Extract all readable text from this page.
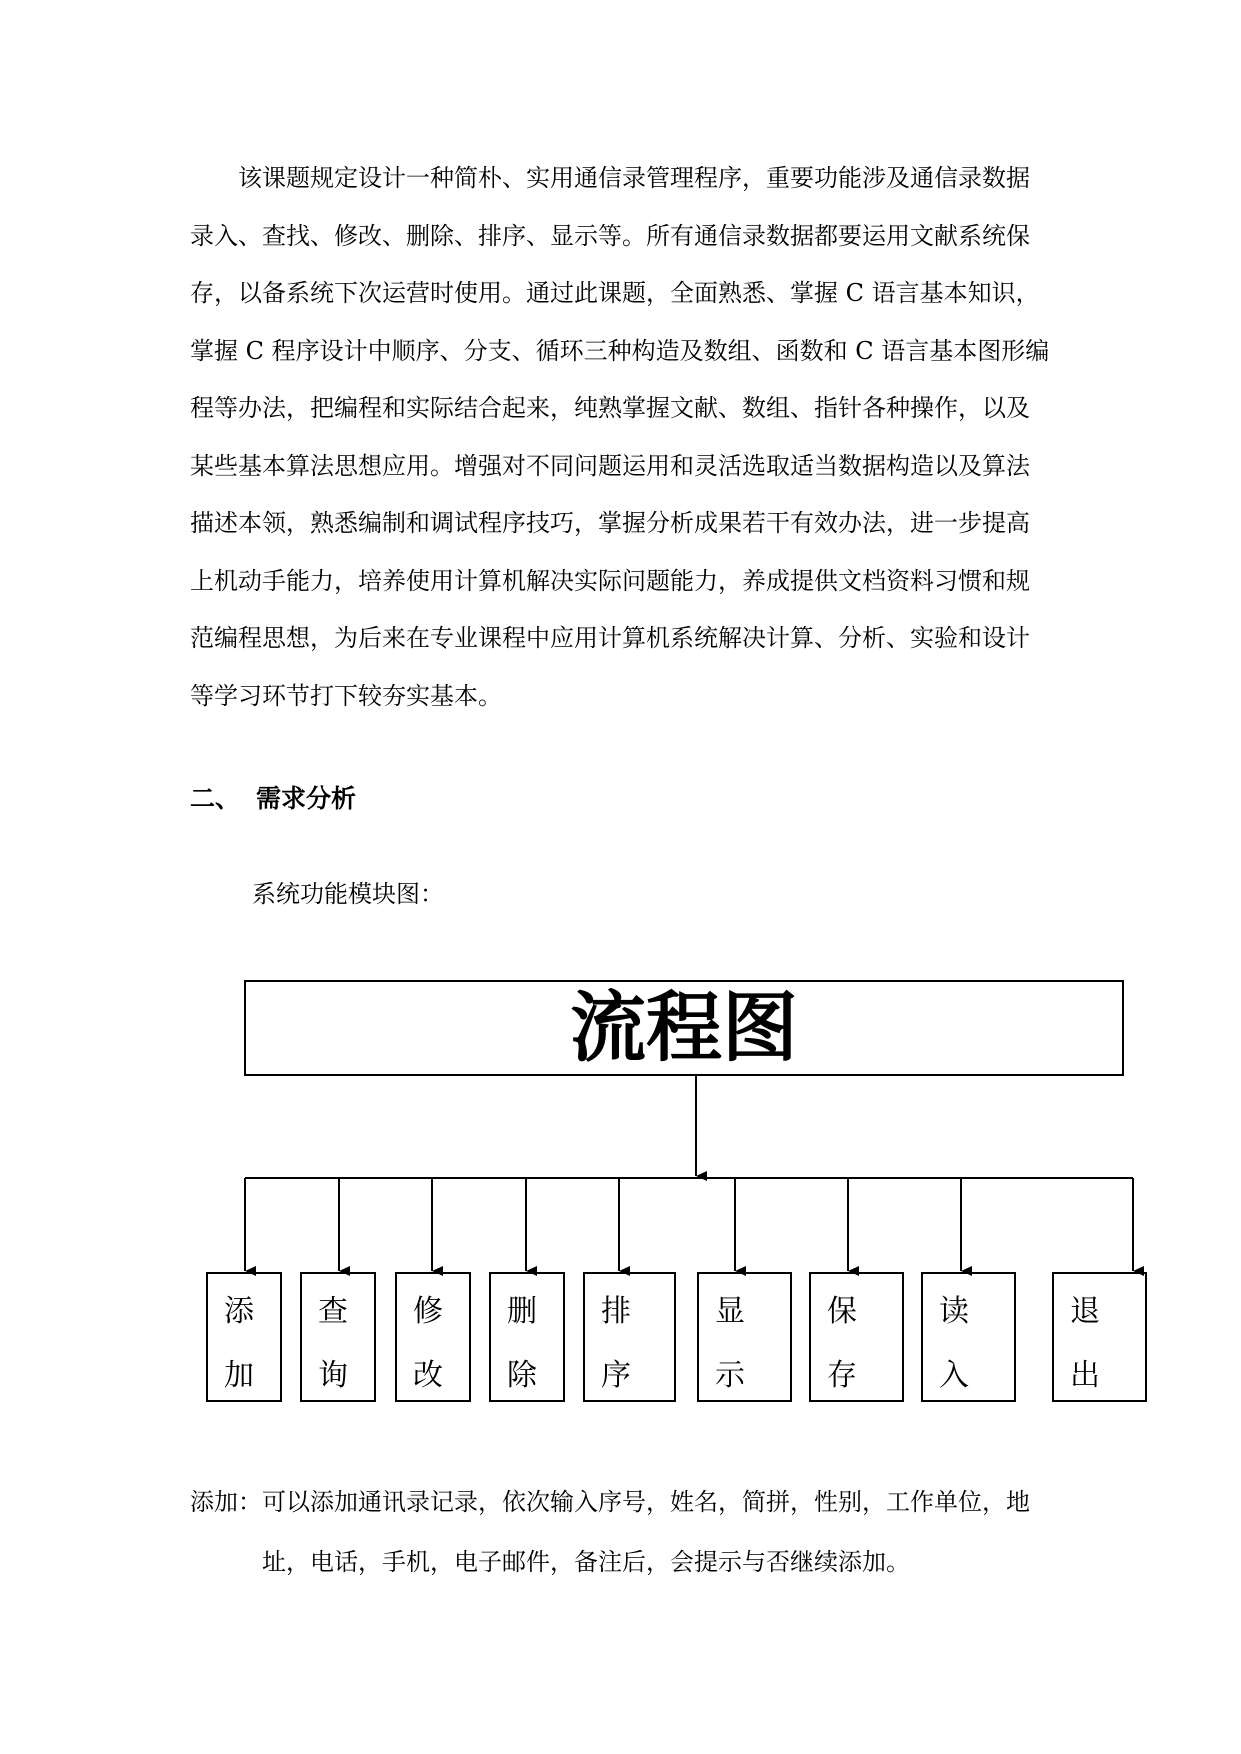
该课题规定设计一种简朴、实用通信录管理程序，重要功能涉及通信录数据
录入、查找、修改、删除、排序、显示等。所有通信录数据都要运用文献系统保
存，以备系统下次运营时使用。通过此课题，全面熟悉、掌握 C 语言基本知识，
掌握 C 程序设计中顺序、分支、循环三种构造及数组、函数和 C 语言基本图形编
程等办法，把编程和实际结合起来，纯熟掌握文献、数组、指针各种操作，以及
某些基本算法思想应用。增强对不同问题运用和灵活选取适当数据构造以及算法
描述本领，熟悉编制和调试程序技巧，掌握分析成果若干有效办法，进一步提高
上机动手能力，培养使用计算机解决实际问题能力，养成提供文档资料习惯和规
范编程思想，为后来在专业课程中应用计算机系统解决计算、分析、实验和设计
等学习环节打下较夯实基本。
二、 需求分析
系统功能模块图：
流程图
添
加
查
询
修
改
删
除
排
序
显
示
保
存
读
入
退
出
添加：可以添加通讯录记录，依次输入序号，姓名，简拼，性别，工作单位，地
址，电话，手机，电子邮件，备注后，会提示与否继续添加。
